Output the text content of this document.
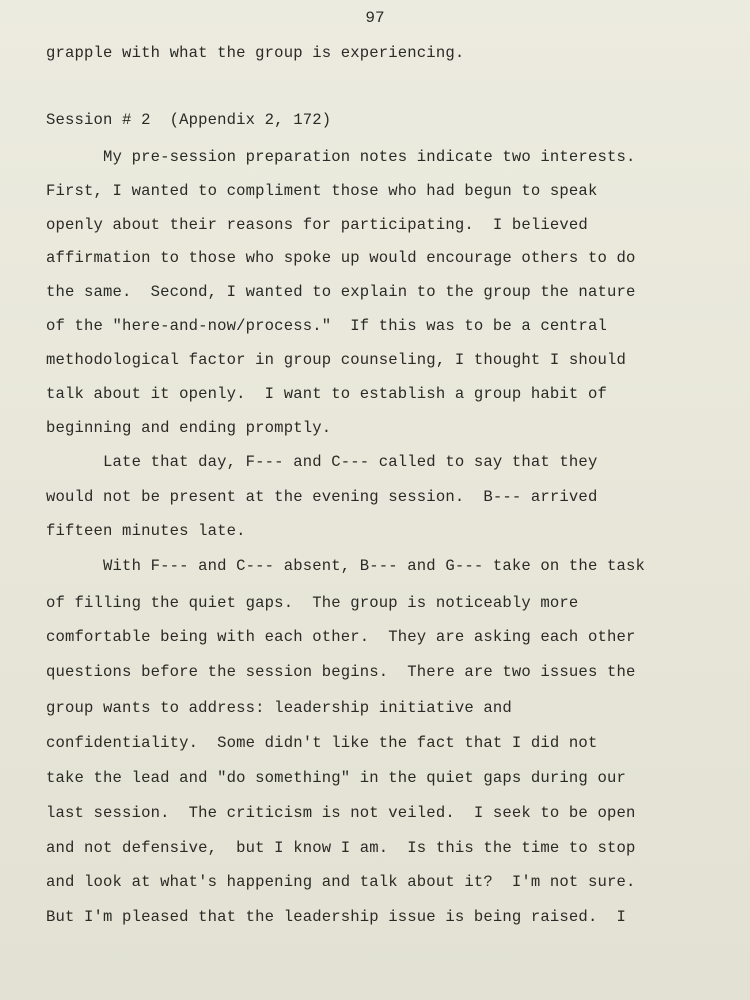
97
grapple with what the group is experiencing.
Session # 2  (Appendix 2, 172)
My pre-session preparation notes indicate two interests.
First, I wanted to compliment those who had begun to speak
openly about their reasons for participating.  I believed
affirmation to those who spoke up would encourage others to do
the same.  Second, I wanted to explain to the group the nature
of the "here-and-now/process."  If this was to be a central
methodological factor in group counseling, I thought I should
talk about it openly.  I want to establish a group habit of
beginning and ending promptly.
Late that day, F--- and C--- called to say that they
would not be present at the evening session.  B--- arrived
fifteen minutes late.
With F--- and C--- absent, B--- and G--- take on the task
of filling the quiet gaps.  The group is noticeably more
comfortable being with each other.  They are asking each other
questions before the session begins.  There are two issues the
group wants to address: leadership initiative and
confidentiality.  Some didn't like the fact that I did not
take the lead and "do something" in the quiet gaps during our
last session.  The criticism is not veiled.  I seek to be open
and not defensive,  but I know I am.  Is this the time to stop
and look at what's happening and talk about it?  I'm not sure.
But I'm pleased that the leadership issue is being raised.  I
